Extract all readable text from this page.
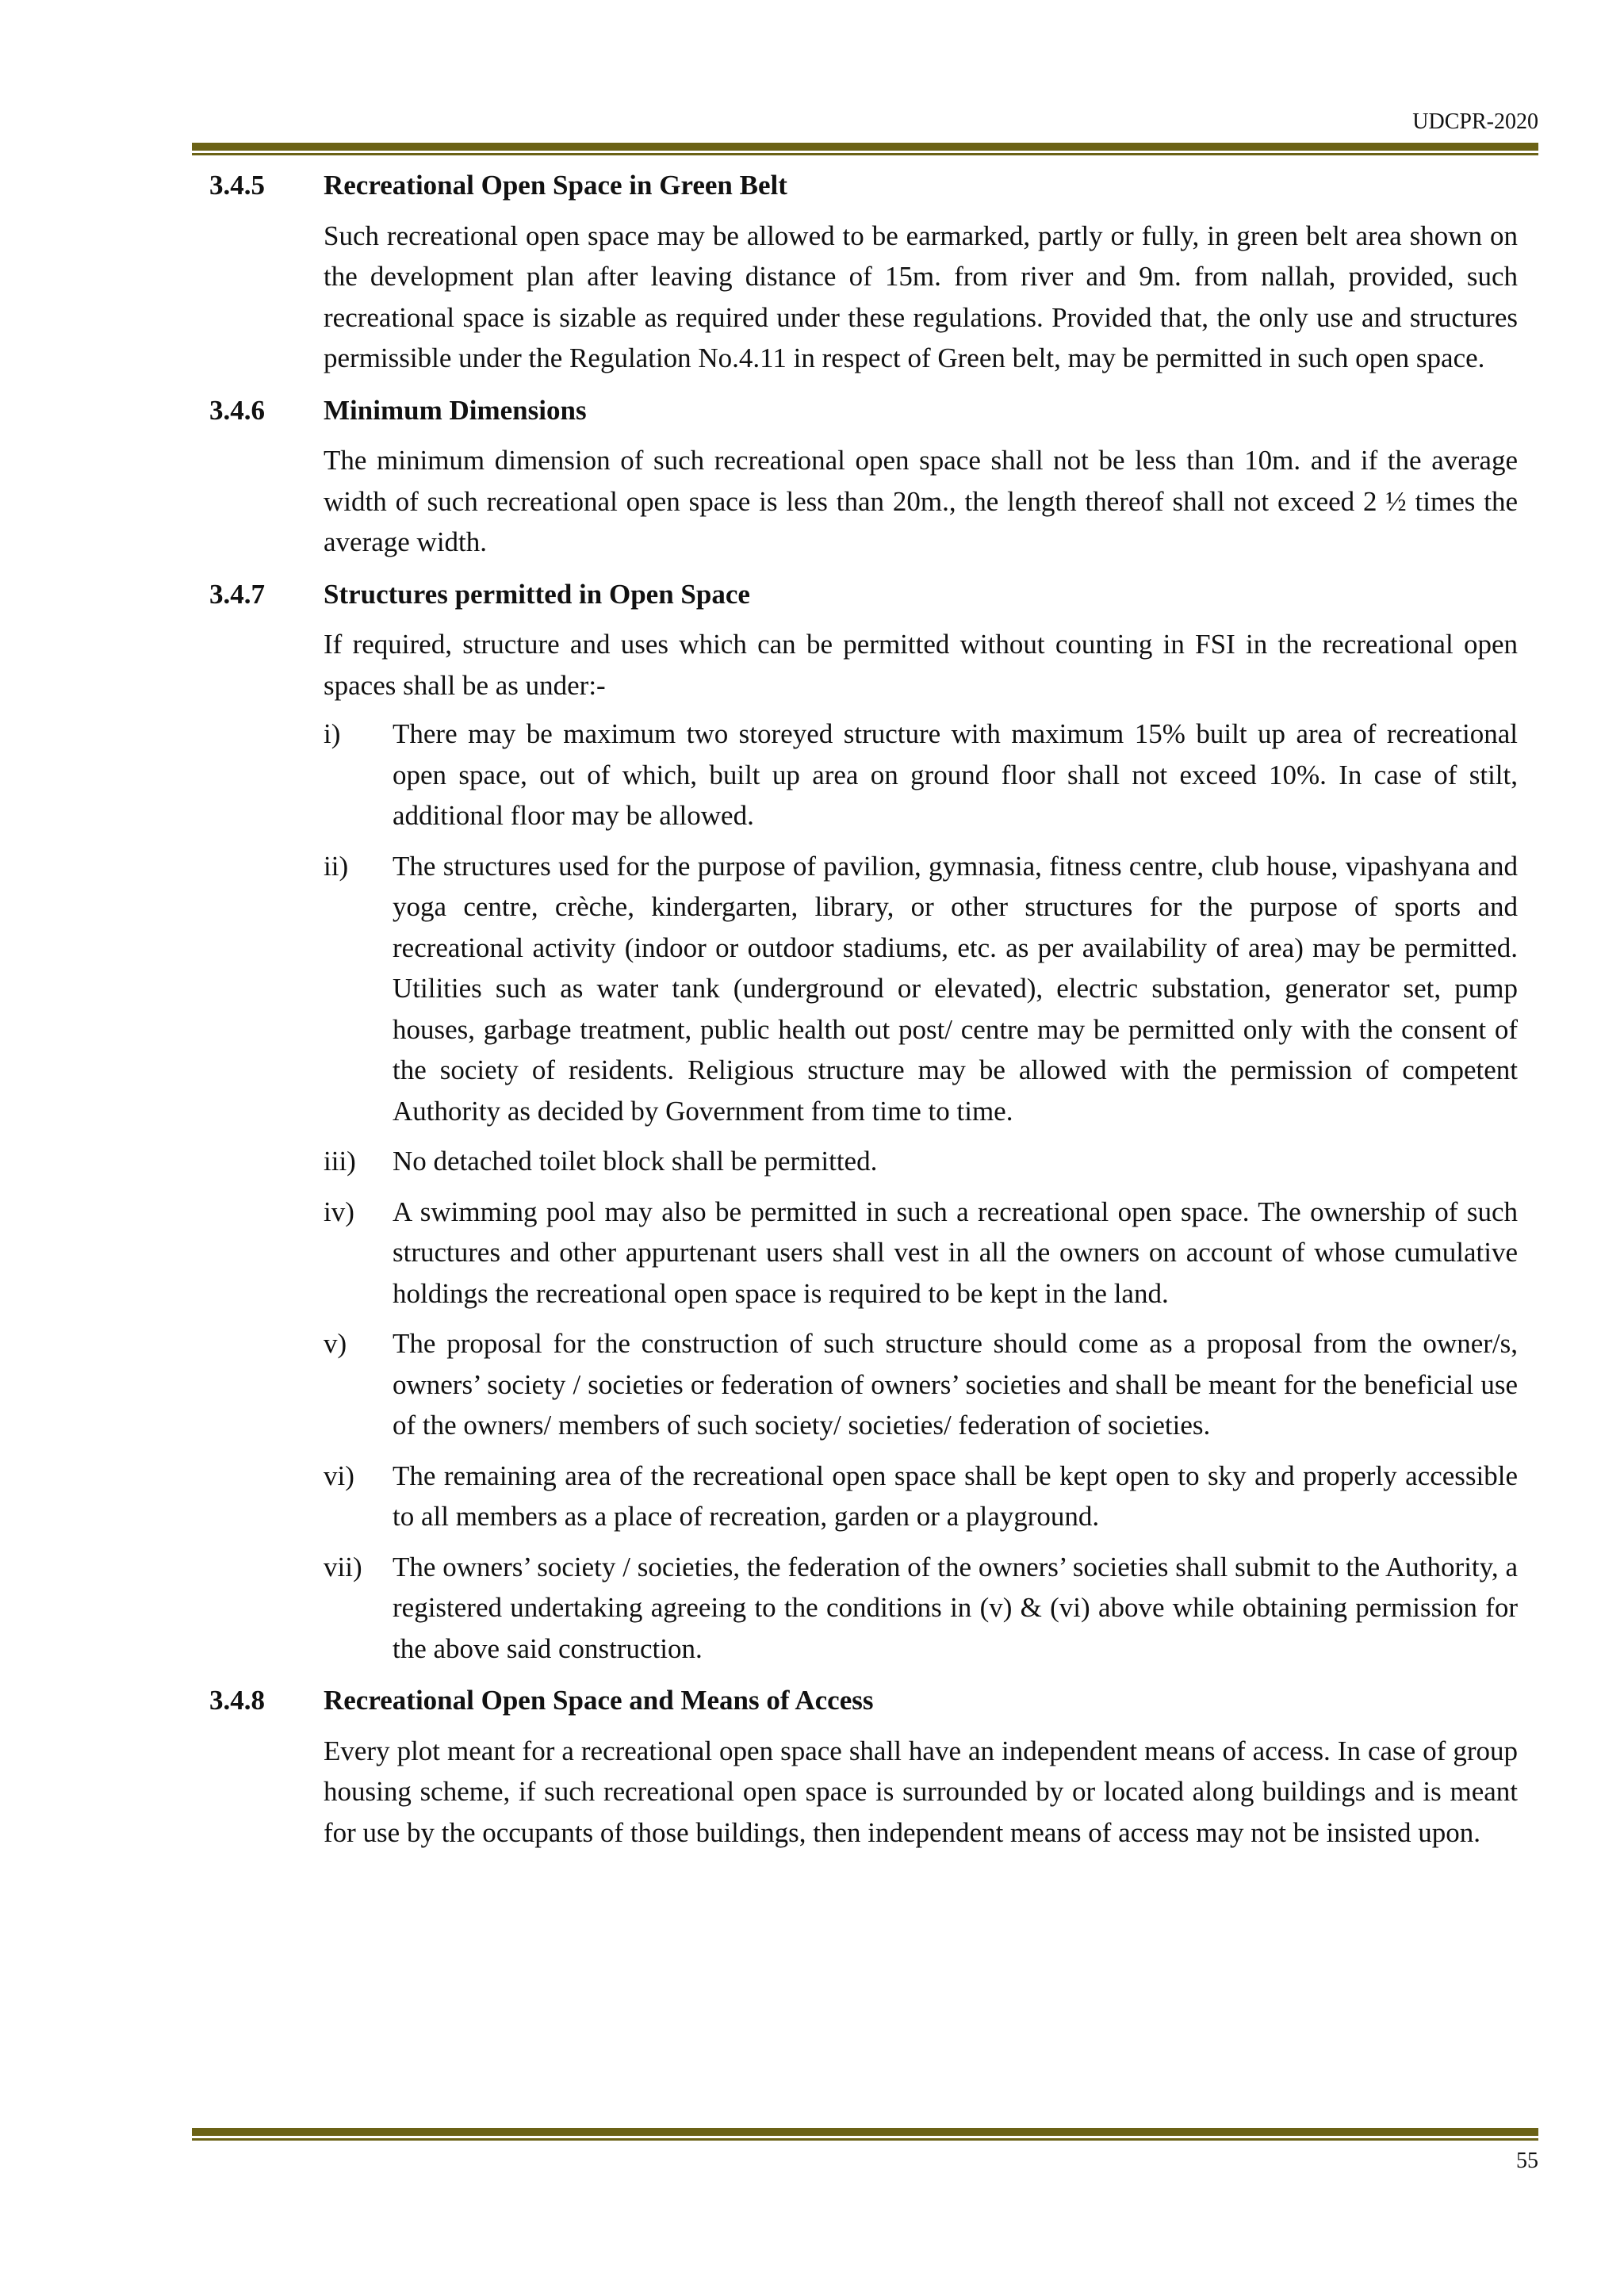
UDCPR-2020
3.4.5	Recreational Open Space in Green Belt
Such recreational open space may be allowed to be earmarked, partly or fully, in green belt area shown on the development plan after leaving distance of 15m. from river and 9m. from nallah, provided, such recreational space is sizable as required under these regulations. Provided that, the only use and structures permissible under the Regulation No.4.11 in respect of Green belt, may be permitted in such open space.
3.4.6	Minimum Dimensions
The minimum dimension of such recreational open space shall not be less than 10m. and if the average width of such recreational open space is less than 20m., the length thereof shall not exceed 2 ½ times the average width.
3.4.7	Structures permitted in Open Space
If required, structure and uses which can be permitted without counting in FSI in the recreational open spaces shall be as under:-
i)	There may be maximum two storeyed structure with maximum 15% built up area of recreational open space, out of which, built up area on ground floor shall not exceed 10%. In case of stilt, additional floor may be allowed.
ii)	The structures used for the purpose of pavilion, gymnasia, fitness centre, club house, vipashyana and yoga centre, crèche, kindergarten, library, or other structures for the purpose of sports and recreational activity (indoor or outdoor stadiums, etc. as per availability of area) may be permitted. Utilities such as water tank (underground or elevated), electric substation, generator set, pump houses, garbage treatment, public health out post/ centre may be permitted only with the consent of the society of residents. Religious structure may be allowed with the permission of competent Authority as decided by Government from time to time.
iii)	No detached toilet block shall be permitted.
iv)	A swimming pool may also be permitted in such a recreational open space. The ownership of such structures and other appurtenant users shall vest in all the owners on account of whose cumulative holdings the recreational open space is required to be kept in the land.
v)	The proposal for the construction of such structure should come as a proposal from the owner/s, owners’ society / societies or federation of owners’ societies and shall be meant for the beneficial use of the owners/ members of such society/ societies/ federation of societies.
vi)	The remaining area of the recreational open space shall be kept open to sky and properly accessible to all members as a place of recreation, garden or a playground.
vii)	The owners’ society / societies, the federation of the owners’ societies shall submit to the Authority, a registered undertaking agreeing to the conditions in (v) & (vi) above while obtaining permission for the above said construction.
3.4.8	Recreational Open Space and Means of Access
Every plot meant for a recreational open space shall have an independent means of access. In case of group housing scheme, if such recreational open space is surrounded by or located along buildings and is meant for use by the occupants of those buildings, then independent means of access may not be insisted upon.
55
